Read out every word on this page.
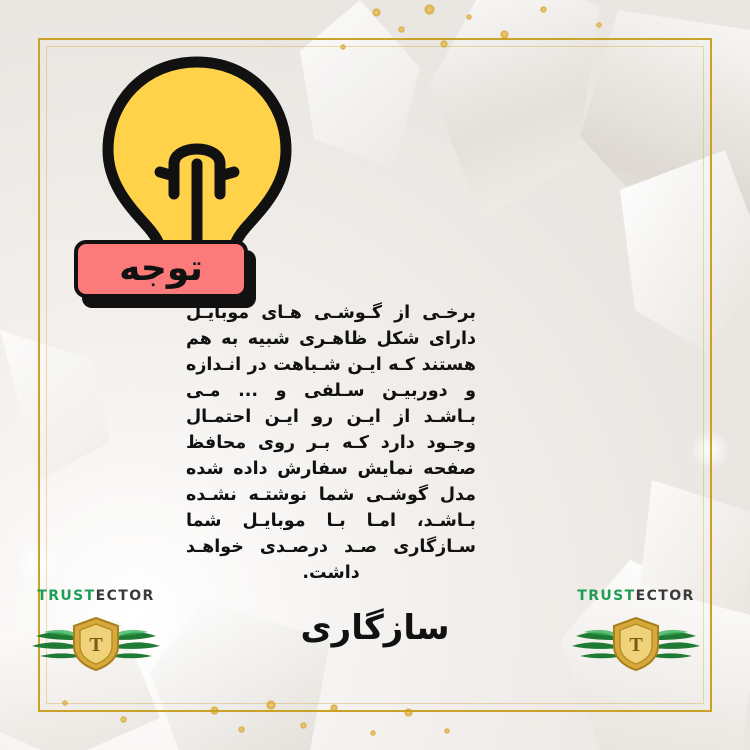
توجه
برخـی از گـوشـی هـای موبایـل دارای شکل ظاهـری شبیه به هم هستند کـه ایـن شـباهت در انـدازه و دوربیـن سـلفی و ... مـی بـاشـد از ایـن رو ایـن احتمـال وجـود دارد کـه بـر روی محافظ صفحه نمایش سفارش داده شده مدل گوشـی شما نوشتـه نشـده بـاشـد، امـا بـا موبایـل شما سـازگاری صـد درصـدی خواهـد داشت.
سازگاری
TRUSTECTOR
T
TRUSTECTOR
T
